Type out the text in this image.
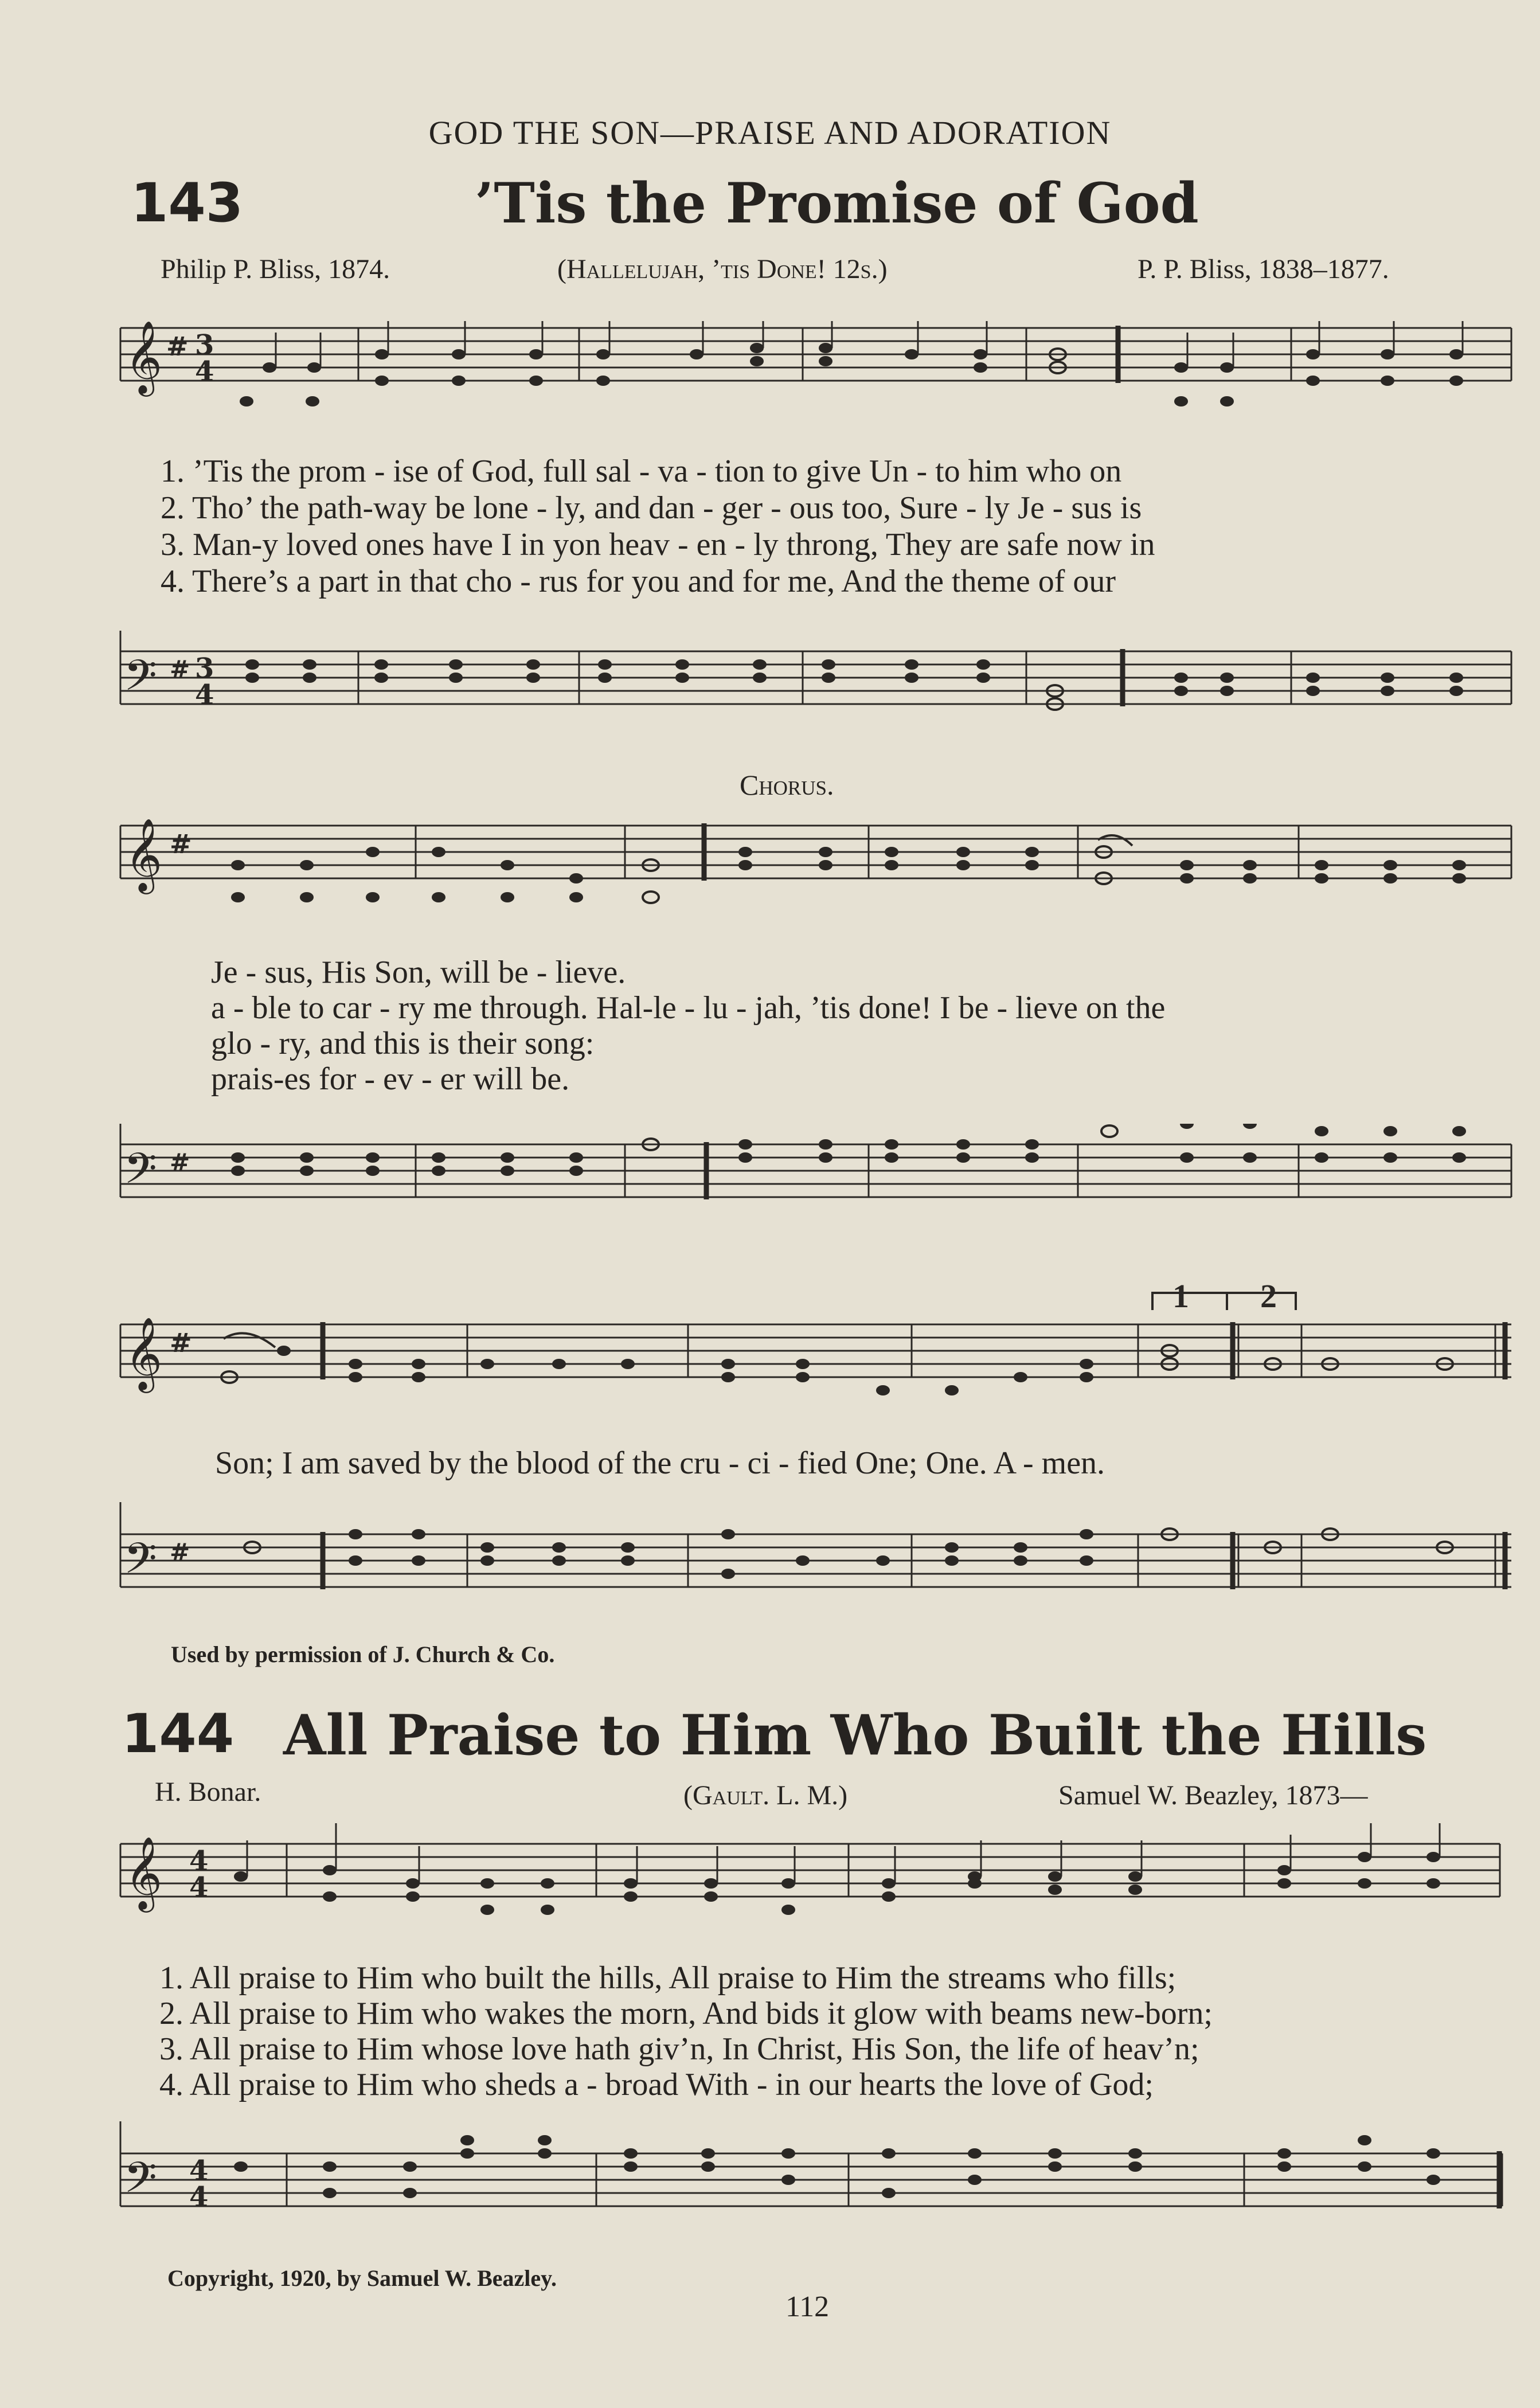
GOD THE SON—PRAISE AND ADORATION
143	’Tis the Promise of God
Philip P. Bliss, 1874.	(Hallelujah, ’tis Done! 12s.)	P. P. Bliss, 1838–1877.
𝄞 # 3
4
1. ’Tis the prom - ise of God, full sal - va - tion to give Un - to him who on
2. Tho’ the path-way be lone - ly, and dan - ger - ous too, Sure - ly Je - sus is
3. Man-y loved ones have I in yon heav - en - ly throng, They are safe now in
4. There’s a part in that cho - rus for you and for me, And the theme of our
𝄢 # 3
4
Chorus.
𝄞 #
Je - sus, His Son, will be - lieve.
a - ble to car - ry me through. Hal-le - lu - jah, ’tis done! I be - lieve on the
glo - ry, and this is their song:
prais-es for - ev - er will be.
𝄢 #
𝄞 #
1 2
Son; I am saved by the blood of the cru - ci - fied One; One. A - men.
𝄢 #
Used by permission of J. Church & Co.
144 All Praise to Him Who Built the Hills
H. Bonar.	(Gault. L. M.)	Samuel W. Beazley, 1873—
𝄞 4
4
1. All praise to Him who built the hills, All praise to Him the streams who fills;
2. All praise to Him who wakes the morn, And bids it glow with beams new-born;
3. All praise to Him whose love hath giv’n, In Christ, His Son, the life of heav’n;
4. All praise to Him who sheds a - broad With - in our hearts the love of God;
𝄢 4
4
Copyright, 1920, by Samuel W. Beazley.
112
